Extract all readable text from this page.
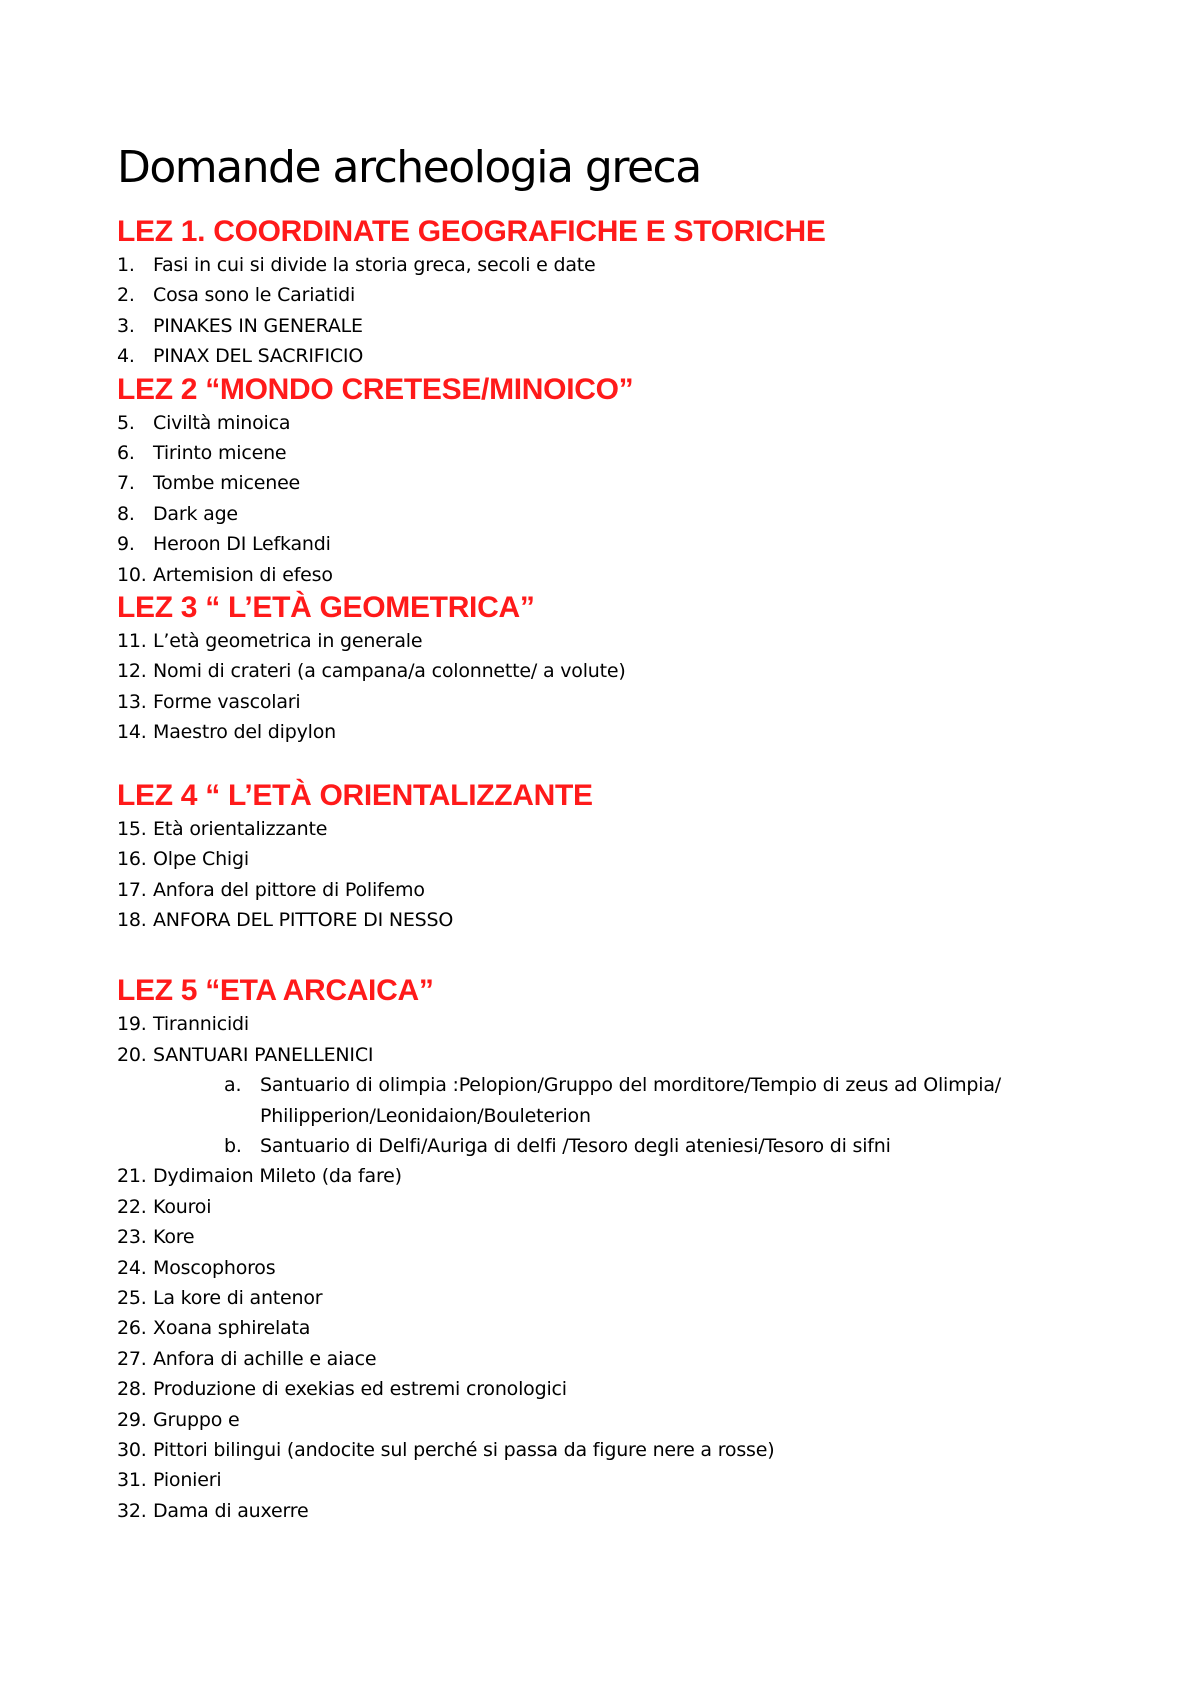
Domande archeologia greca
LEZ 1. COORDINATE GEOGRAFICHE E STORICHE
1. Fasi in cui si divide la storia greca, secoli e date
2. Cosa sono le Cariatidi
3. PINAKES IN GENERALE
4. PINAX DEL SACRIFICIO
LEZ 2 “MONDO CRETESE/MINOICO”
5. Civiltà minoica
6. Tirinto micene
7. Tombe micenee
8. Dark age
9. Heroon DI Lefkandi
10. Artemision di efeso
LEZ 3 “ L’ETÀ GEOMETRICA”
11. L’età geometrica in generale
12. Nomi di crateri (a campana/a colonnette/ a volute)
13. Forme vascolari
14. Maestro del dipylon
LEZ 4 “ L’ETÀ ORIENTALIZZANTE
15. Età orientalizzante
16. Olpe Chigi
17. Anfora del pittore di Polifemo
18. ANFORA DEL PITTORE DI NESSO
LEZ 5 “ETA ARCAICA”
19. Tirannicidi
20. SANTUARI PANELLENICI
a. Santuario di olimpia :Pelopion/Gruppo del morditore/Tempio di zeus ad Olimpia/ Philipperion/Leonidaion/Bouleterion
b. Santuario di Delfi/Auriga di delfi /Tesoro degli ateniesi/Tesoro di sifni
21. Dydimaion Mileto (da fare)
22. Kouroi
23. Kore
24. Moscophoros
25. La kore di antenor
26. Xoana sphirelata
27. Anfora di achille e aiace
28. Produzione di exekias ed estremi cronologici
29. Gruppo e
30. Pittori bilingui (andocite sul perché si passa da figure nere a rosse)
31. Pionieri
32. Dama di auxerre
